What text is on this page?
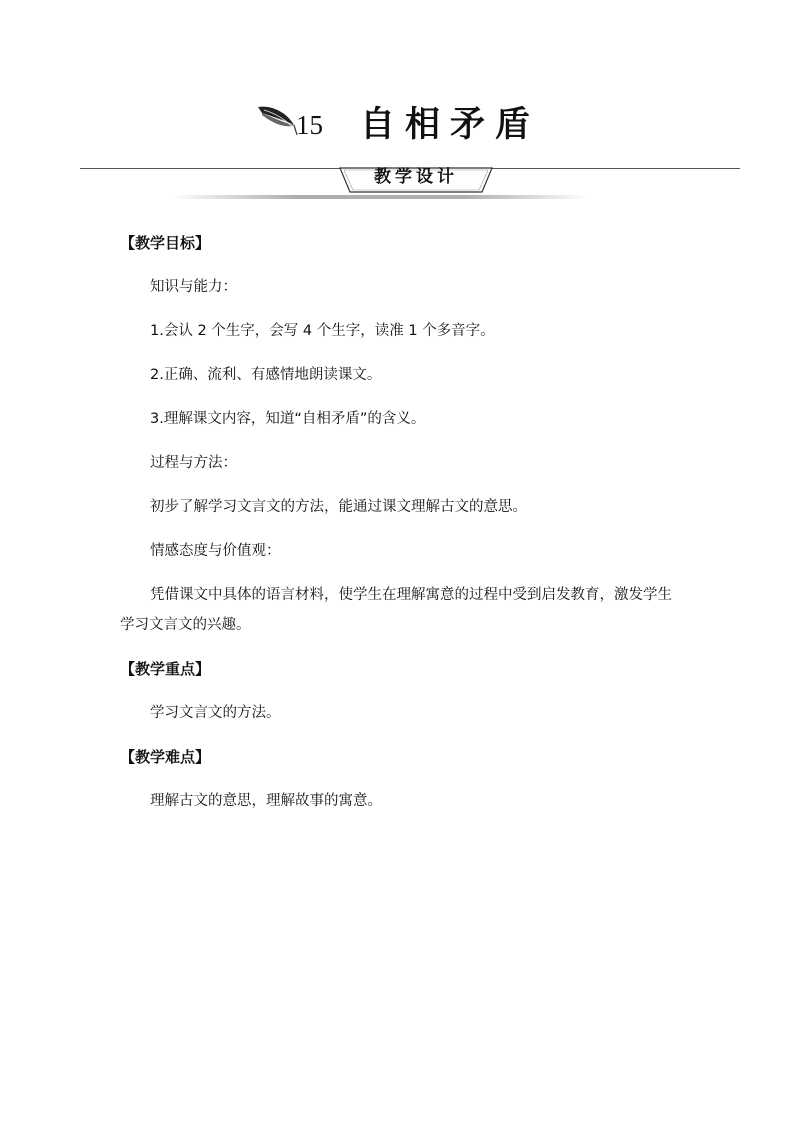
15 自相矛盾
教学设计
【教学目标】
知识与能力：
1.会认 2 个生字，会写 4 个生字，读准 1 个多音字。
2.正确、流利、有感情地朗读课文。
3.理解课文内容，知道“自相矛盾”的含义。
过程与方法：
初步了解学习文言文的方法，能通过课文理解古文的意思。
情感态度与价值观：
凭借课文中具体的语言材料，使学生在理解寓意的过程中受到启发教育，激发学生学习文言文的兴趣。
【教学重点】
学习文言文的方法。
【教学难点】
理解古文的意思，理解故事的寓意。
